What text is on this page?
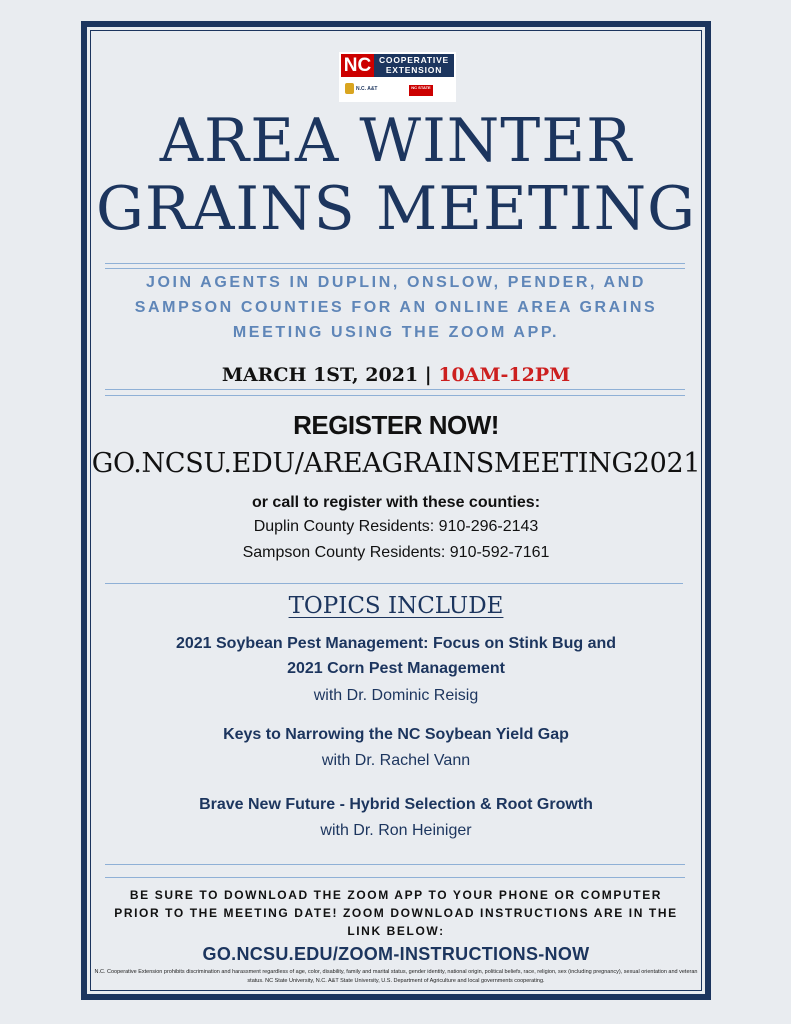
NC COOPERATIVE
EXTENSION
N.C. A&T	NC STATE
AREA WINTER
GRAINS MEETING
JOIN AGENTS IN DUPLIN, ONSLOW, PENDER, AND SAMPSON COUNTIES FOR AN ONLINE AREA GRAINS MEETING USING THE ZOOM APP.
MARCH 1ST, 2021 | 10AM-12PM
REGISTER NOW!
GO.NCSU.EDU/AREAGRAINSMEETING2021
or call to register with these counties:
Duplin County Residents: 910-296-2143
Sampson County Residents: 910-592-7161
TOPICS INCLUDE
2021 Soybean Pest Management: Focus on Stink Bug and
2021 Corn Pest Management
with Dr. Dominic Reisig
Keys to Narrowing the NC Soybean Yield Gap
with Dr. Rachel Vann
Brave New Future - Hybrid Selection & Root Growth
with Dr. Ron Heiniger
BE SURE TO DOWNLOAD THE ZOOM APP TO YOUR PHONE OR COMPUTER PRIOR TO THE MEETING DATE! ZOOM DOWNLOAD INSTRUCTIONS ARE IN THE LINK BELOW:
GO.NCSU.EDU/ZOOM-INSTRUCTIONS-NOW
N.C. Cooperative Extension prohibits discrimination and harassment regardless of age, color, disability, family and marital status, gender identity, national origin, political beliefs, race, religion, sex (including pregnancy), sexual orientation and veteran status. NC State University, N.C. A&T State University, U.S. Department of Agriculture and local governments cooperating.
